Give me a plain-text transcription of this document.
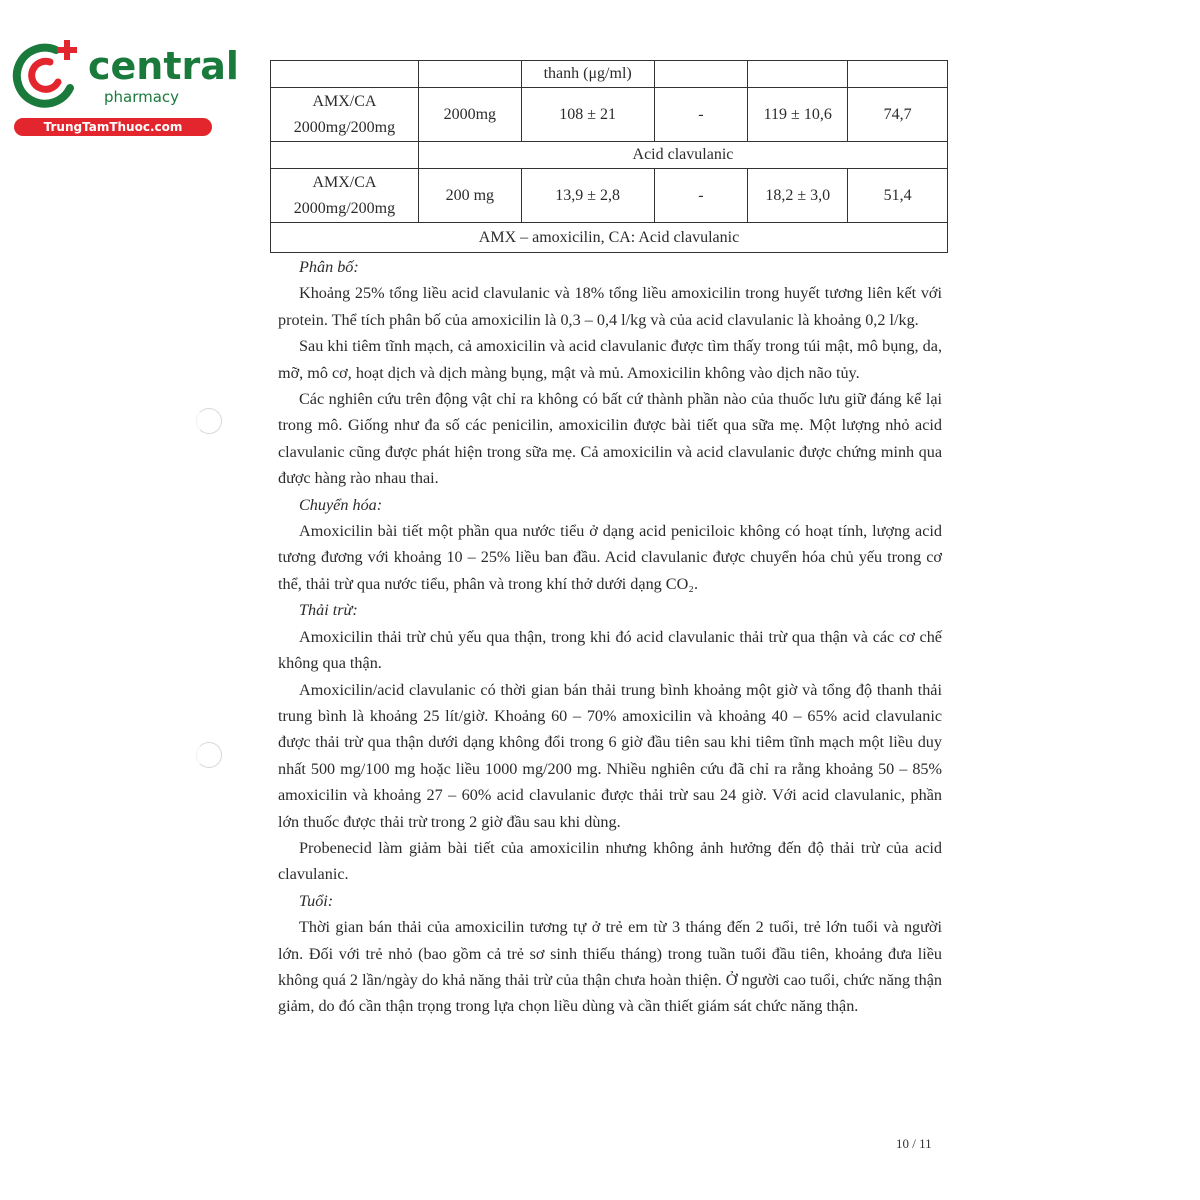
central
pharmacy
TrungTamThuoc.com
		thanh (μg/ml)			
AMX/CA
2000mg/200mg	2000mg	108 ± 21	-	119 ± 10,6	74,7
	Acid clavulanic				
AMX/CA
2000mg/200mg	200 mg	13,9 ± 2,8	-	18,2 ± 3,0	51,4
AMX – amoxicilin, CA: Acid clavulanic					

Phân bố:

Khoảng 25% tổng liều acid clavulanic và 18% tổng liều amoxicilin trong huyết tương liên kết với protein. Thể tích phân bố của amoxicilin là 0,3 – 0,4 l/kg và của acid clavulanic là khoảng 0,2 l/kg.

Sau khi tiêm tĩnh mạch, cả amoxicilin và acid clavulanic được tìm thấy trong túi mật, mô bụng, da, mỡ, mô cơ, hoạt dịch và dịch màng bụng, mật và mủ. Amoxicilin không vào dịch não tủy.

Các nghiên cứu trên động vật chỉ ra không có bất cứ thành phần nào của thuốc lưu giữ đáng kể lại trong mô. Giống như đa số các penicilin, amoxicilin được bài tiết qua sữa mẹ. Một lượng nhỏ acid clavulanic cũng được phát hiện trong sữa mẹ. Cả amoxicilin và acid clavulanic được chứng minh qua được hàng rào nhau thai.

Chuyển hóa:

Amoxicilin bài tiết một phần qua nước tiểu ở dạng acid peniciloic không có hoạt tính, lượng acid tương đương với khoảng 10 – 25% liều ban đầu. Acid clavulanic được chuyển hóa chủ yếu trong cơ thể, thải trừ qua nước tiểu, phân và trong khí thở dưới dạng CO₂.

Thải trừ:

Amoxicilin thải trừ chủ yếu qua thận, trong khi đó acid clavulanic thải trừ qua thận và các cơ chế không qua thận.

Amoxicilin/acid clavulanic có thời gian bán thải trung bình khoảng một giờ và tổng độ thanh thải trung bình là khoảng 25 lít/giờ. Khoảng 60 – 70% amoxicilin và khoảng 40 – 65% acid clavulanic được thải trừ qua thận dưới dạng không đổi trong 6 giờ đầu tiên sau khi tiêm tĩnh mạch một liều duy nhất 500 mg/100 mg hoặc liều 1000 mg/200 mg. Nhiều nghiên cứu đã chỉ ra rằng khoảng 50 – 85% amoxicilin và khoảng 27 – 60% acid clavulanic được thải trừ sau 24 giờ. Với acid clavulanic, phần lớn thuốc được thải trừ trong 2 giờ đầu sau khi dùng.

Probenecid làm giảm bài tiết của amoxicilin nhưng không ảnh hưởng đến độ thải trừ của acid clavulanic.

Tuổi:

Thời gian bán thải của amoxicilin tương tự ở trẻ em từ 3 tháng đến 2 tuổi, trẻ lớn tuổi và người lớn. Đối với trẻ nhỏ (bao gồm cả trẻ sơ sinh thiếu tháng) trong tuần tuổi đầu tiên, khoảng đưa liều không quá 2 lần/ngày do khả năng thải trừ của thận chưa hoàn thiện. Ở người cao tuổi, chức năng thận giảm, do đó cần thận trọng trong lựa chọn liều dùng và cần thiết giám sát chức năng thận.

10 / 11
